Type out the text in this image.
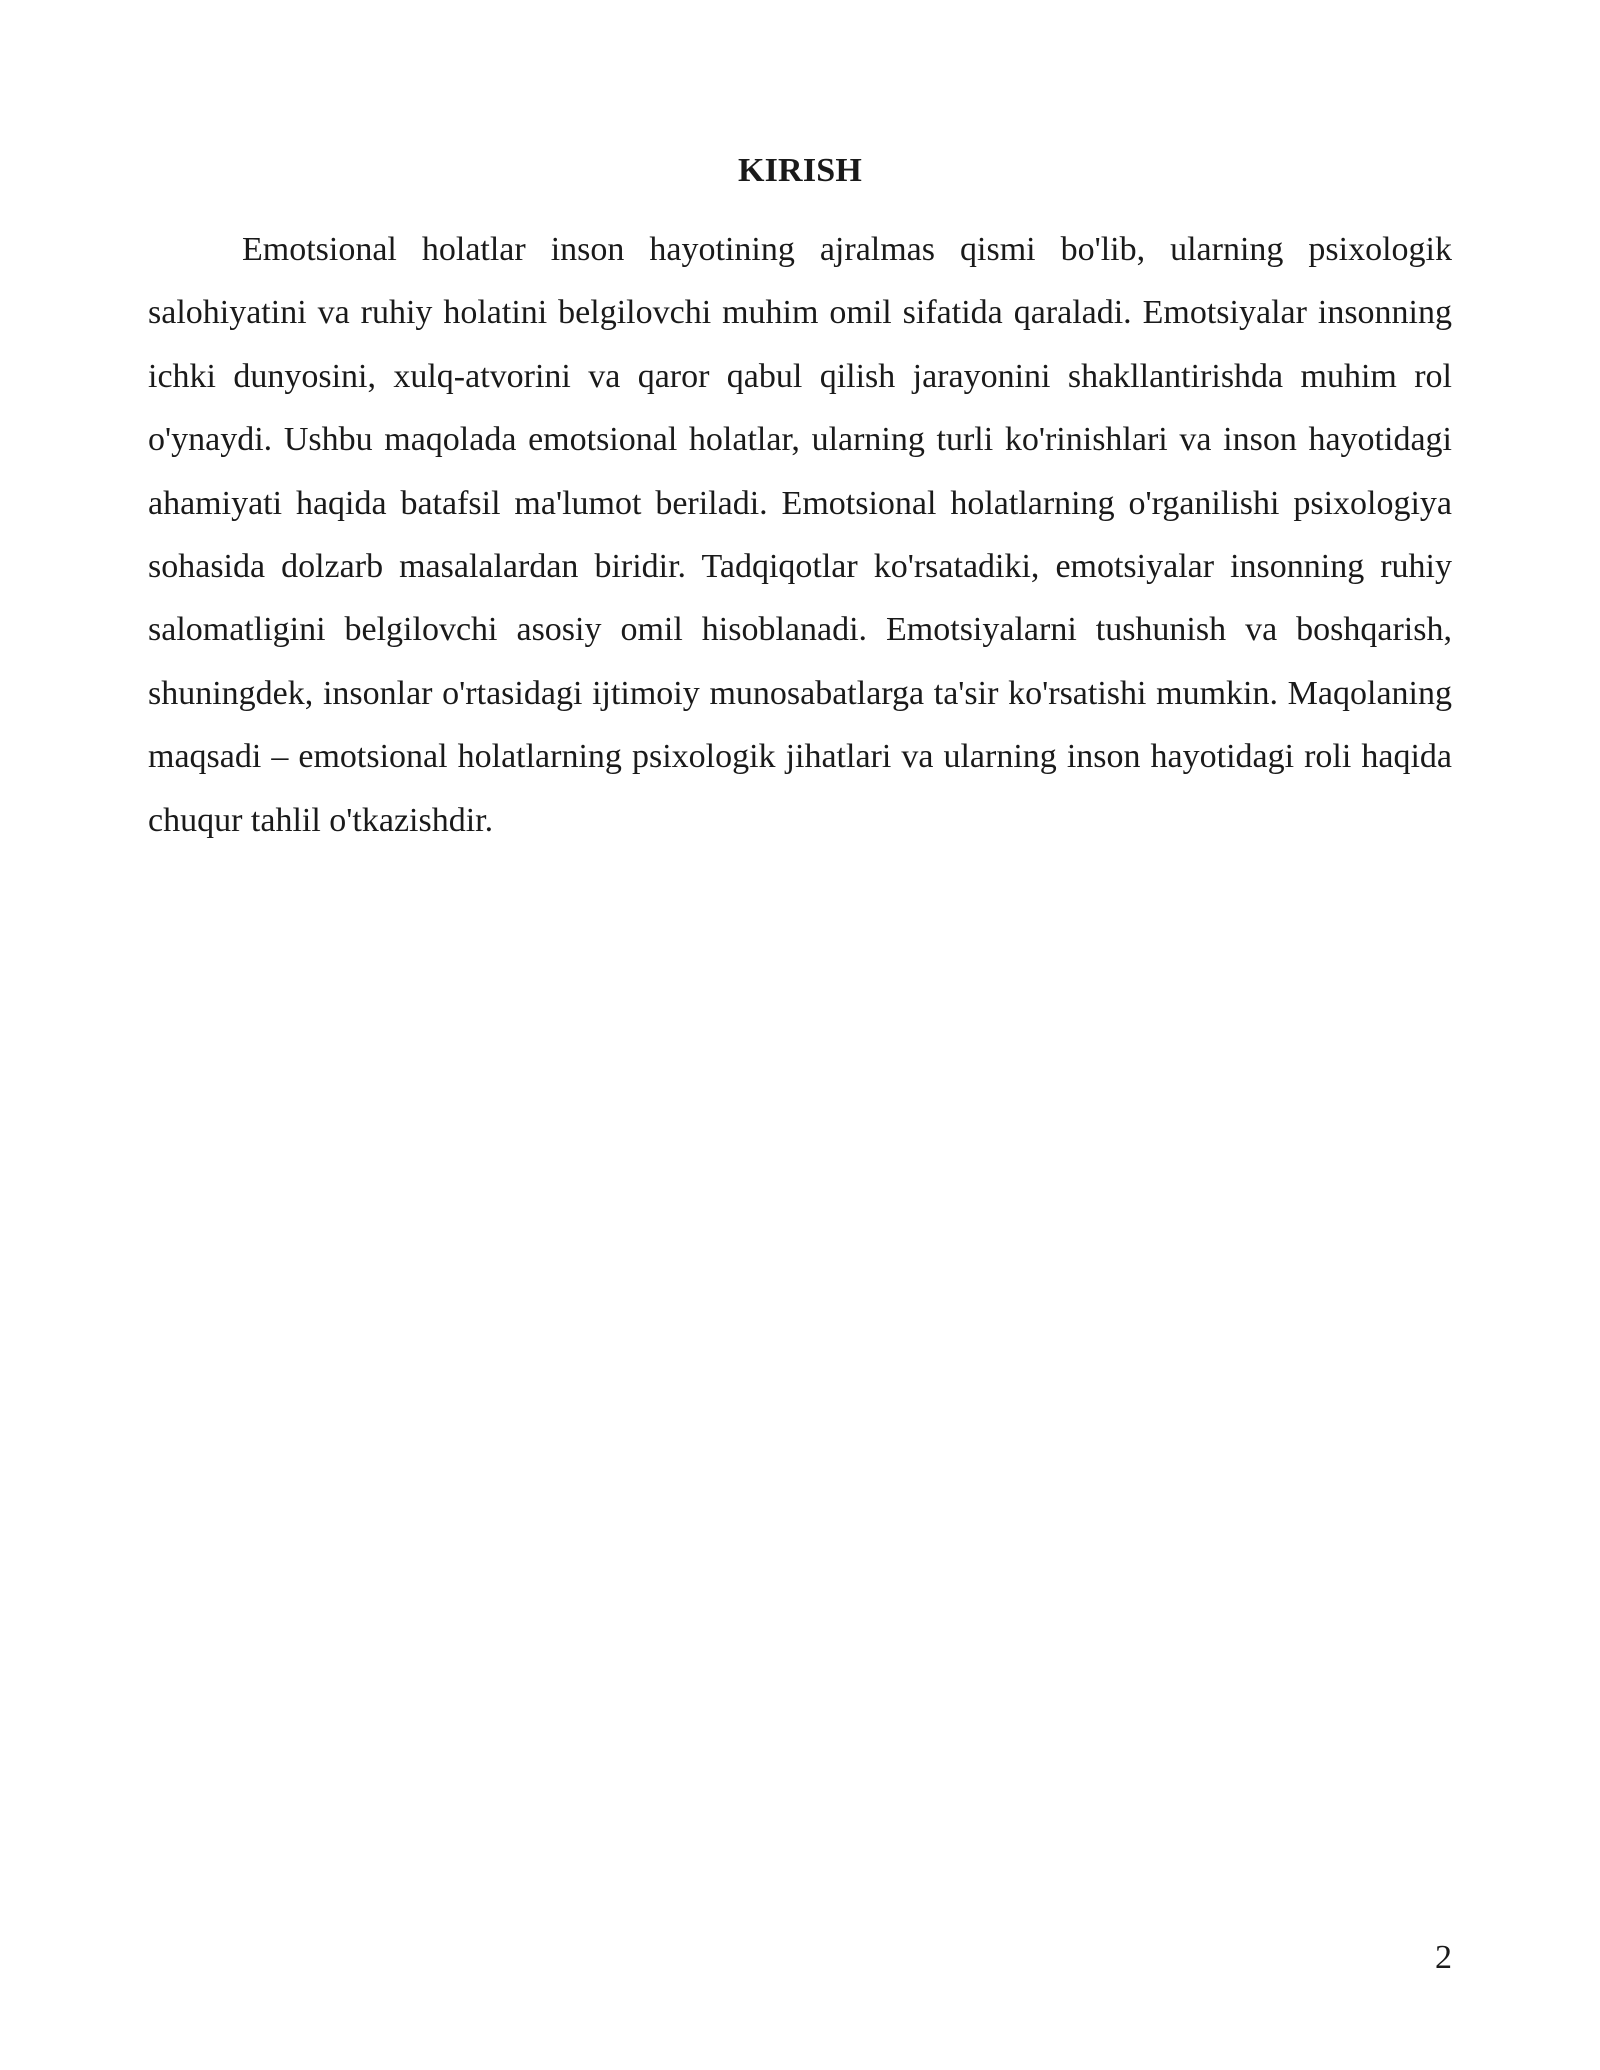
KIRISH

Emotsional holatlar inson hayotining ajralmas qismi bo'lib, ularning psixologik salohiyatini va ruhiy holatini belgilovchi muhim omil sifatida qaraladi. Emotsiyalar insonning ichki dunyosini, xulq-atvorini va qaror qabul qilish jarayonini shakllantirishda muhim rol o'ynaydi. Ushbu maqolada emotsional holatlar, ularning turli ko'rinishlari va inson hayotidagi ahamiyati haqida batafsil ma'lumot beriladi. Emotsional holatlarning o'rganilishi psixologiya sohasida dolzarb masalalardan biridir. Tadqiqotlar ko'rsatadiki, emotsiyalar insonning ruhiy salomatligini belgilovchi asosiy omil hisoblanadi. Emotsiyalarni tushunish va boshqarish, shuningdek, insonlar o'rtasidagi ijtimoiy munosabatlarga ta'sir ko'rsatishi mumkin. Maqolaning maqsadi – emotsional holatlarning psixologik jihatlari va ularning inson hayotidagi roli haqida chuqur tahlil o'tkazishdir.

2
